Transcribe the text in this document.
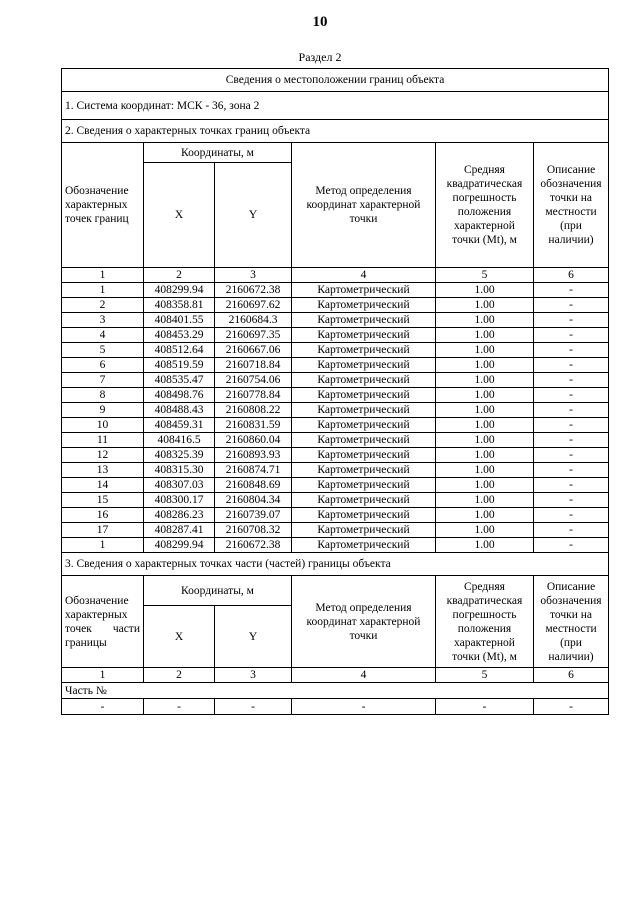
10
Раздел 2
Сведения о местоположении границ объекта					
1. Система координат: МСК - 36, зона 2					
2. Сведения о характерных точках границ объекта					
Обозначение характерных точек границ	Координаты, м		Метод определения координат характерной точки	Средняя квадратическая погрешность положения характерной точки (Mt), м	Описание обозначения точки на местности (при наличии)
	X	Y			
1	2	3	4	5	6
1	408299.94	2160672.38	Картометрический	1.00	-
2	408358.81	2160697.62	Картометрический	1.00	-
3	408401.55	2160684.3	Картометрический	1.00	-
4	408453.29	2160697.35	Картометрический	1.00	-
5	408512.64	2160667.06	Картометрический	1.00	-
6	408519.59	2160718.84	Картометрический	1.00	-
7	408535.47	2160754.06	Картометрический	1.00	-
8	408498.76	2160778.84	Картометрический	1.00	-
9	408488.43	2160808.22	Картометрический	1.00	-
10	408459.31	2160831.59	Картометрический	1.00	-
11	408416.5	2160860.04	Картометрический	1.00	-
12	408325.39	2160893.93	Картометрический	1.00	-
13	408315.30	2160874.71	Картометрический	1.00	-
14	408307.03	2160848.69	Картометрический	1.00	-
15	408300.17	2160804.34	Картометрический	1.00	-
16	408286.23	2160739.07	Картометрический	1.00	-
17	408287.41	2160708.32	Картометрический	1.00	-
1	408299.94	2160672.38	Картометрический	1.00	-
3. Сведения о характерных точках части (частей) границы объекта					
Обозначение характерных точек части границы	Координаты, м		Метод определения координат характерной точки	Средняя квадратическая погрешность положения характерной точки (Mt), м	Описание обозначения точки на местности (при наличии)
	X	Y			
1	2	3	4	5	6
Часть №					
-	-	-	-	-	-
